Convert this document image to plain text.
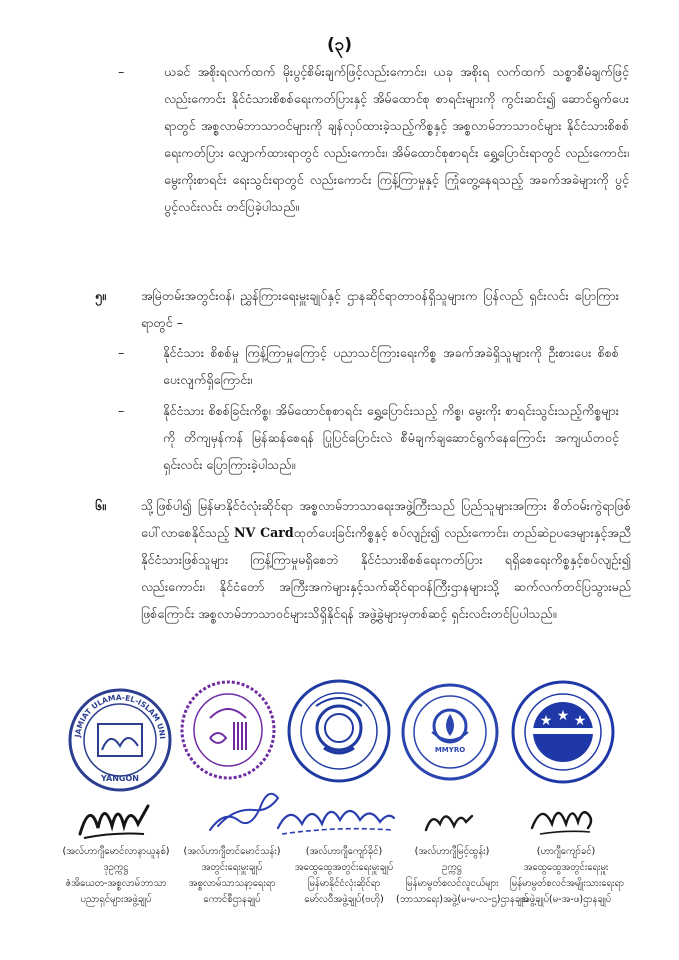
(၃)
–	ယခင် အစိုးရလက်ထက် မိုးပွင့်စိမ်းချက်ဖြင့်လည်းကောင်း၊ ယခု အစိုးရ လက်ထက် သစ္စာစီမံချက်ဖြင့် လည်းကောင်း နိုင်ငံသားစိစစ်ရေးကတ်ပြားနှင့် အိမ်ထောင်စု စာရင်းများကို ကွင်းဆင်း၍ ဆောင်ရွက်ပေးရာတွင် အစ္စလာမ်ဘာသာဝင်များကို ချန်လှပ်ထားခဲ့သည့်ကိစ္စနှင့် အစ္စလာမ်ဘာသာဝင်များ နိုင်ငံသားစိစစ်ရေးကတ်ပြား လျှောက်ထားရာတွင် လည်းကောင်း၊ အိမ်ထောင်စုစာရင်း ရွှေ့ပြောင်းရာတွင် လည်းကောင်း၊ မွေးကိုးစာရင်း ရေးသွင်းရာတွင် လည်းကောင်း ကြန့်ကြာမှုနှင့် ကြုံတွေ့နေရသည့် အခက်အခဲများကို ပွင့်ပွင့်လင်းလင်း တင်ပြခဲ့ပါသည်။
၅။	အမြဲတမ်းအတွင်းဝန်၊ ညွှန်ကြားရေးမှူးချုပ်နှင့် ဌာနဆိုင်ရာတာဝန်ရှိသူများက ပြန်လည် ရှင်းလင်း ပြောကြားရာတွင် –
–	နိုင်ငံသား စိစစ်မှု ကြန့်ကြာမှုကြောင့် ပညာသင်ကြားရေးကိစ္စ အခက်အခဲရှိသူများကို ဦးစားပေး စိစစ်ပေးလျက်ရှိကြောင်း၊
–	နိုင်ငံသား စိစစ်ခြင်းကိစ္စ၊ အိမ်ထောင်စုစာရင်း ရွှေ့ပြောင်းသည့် ကိစ္စ၊ မွေးကိုး စာရင်းသွင်းသည့်ကိစ္စများကို တိကျမှန်ကန် မြန်ဆန်စေရန် ပြုပြင်ပြောင်းလဲ စီမံချက်ချဆောင်ရွက်နေကြောင်း အကျယ်တဝင့် ရှင်းလင်း ပြောကြားခဲ့ပါသည်။
၆။	သို့ဖြစ်ပါ၍ မြန်မာနိုင်ငံလုံးဆိုင်ရာ အစ္စလာမ်ဘာသာရေးအဖွဲ့ကြီးသည် ပြည်သူများအကြား စိတ်ဝမ်းကွဲရာဖြစ်ပေါ်လာစေနိုင်သည့် NV Cardထုတ်ပေးခြင်းကိစ္စနှင့် စပ်လျဉ်း၍ လည်းကောင်း၊ တည်ဆဲဥပဒေများနှင့်အညီ နိုင်ငံသားဖြစ်သူများ ကြန့်ကြာမှုမရှိစေဘဲ နိုင်ငံသားစိစစ်ရေးကတ်ပြား ရရှိစေရေးကိစ္စနှင့်စပ်လျဉ်း၍ လည်းကောင်း၊ နိုင်ငံတော် အကြီးအကဲများနှင့်သက်ဆိုင်ရာဝန်ကြီးဌာနများသို့ ဆက်လက်တင်ပြသွားမည်ဖြစ်ကြောင်း အစ္စလာမ်ဘာသာဝင်များသိရှိနိုင်ရန် အဖွဲ့ခွဲများမှတစ်ဆင့် ရှင်းလင်းတင်ပြပါသည်။
JAMIAT ULAMA-EL-ISLAM UNI
YANGON
MMYRO
★ ★ ★
(အလ်ဟာဂျီမောင်လာနာယူနစ်)
ဒုဥက္ကဋ္ဌ
ဇံအိယေတ-အစ္စလာမ်ဘာသာ
ပညာရှင်များအဖွဲ့ချုပ်
(အလ်ဟာဂျီတင်မောင်သန်း)
အတွင်းရေးမှူးချုပ်
အစ္စလာမ်သာသနာ့ရေးရာ
ကောင်စီဌာနချုပ်
(အလ်ဟာဂျီကျော်ခိုင်)
အထွေထွေအတွင်းရေးမှူးချုပ်
မြန်မာနိုင်ငံလုံးဆိုင်ရာ
မော်လဝီအဖွဲ့ချုပ်(ဗဟို)
(အလ်ဟာဂျီမြင့်ထွန်း)
ဥက္ကဋ္ဌ
မြန်မာမွတ်စလင်လူငယ်များ
(ဘာသာရေး)အဖွဲ့(မ-မ-လ-ဌ)ဌာနချုပ်
(ဟာဂျီကျော်ခင်)
အထွေထွေအတွင်းရေးမှူး
မြန်မာမွတ်စလင်အမျိုးသားရေးရာ
အဖွဲ့ချုပ်(မ-အ-ဖ)ဌာနချုပ်
